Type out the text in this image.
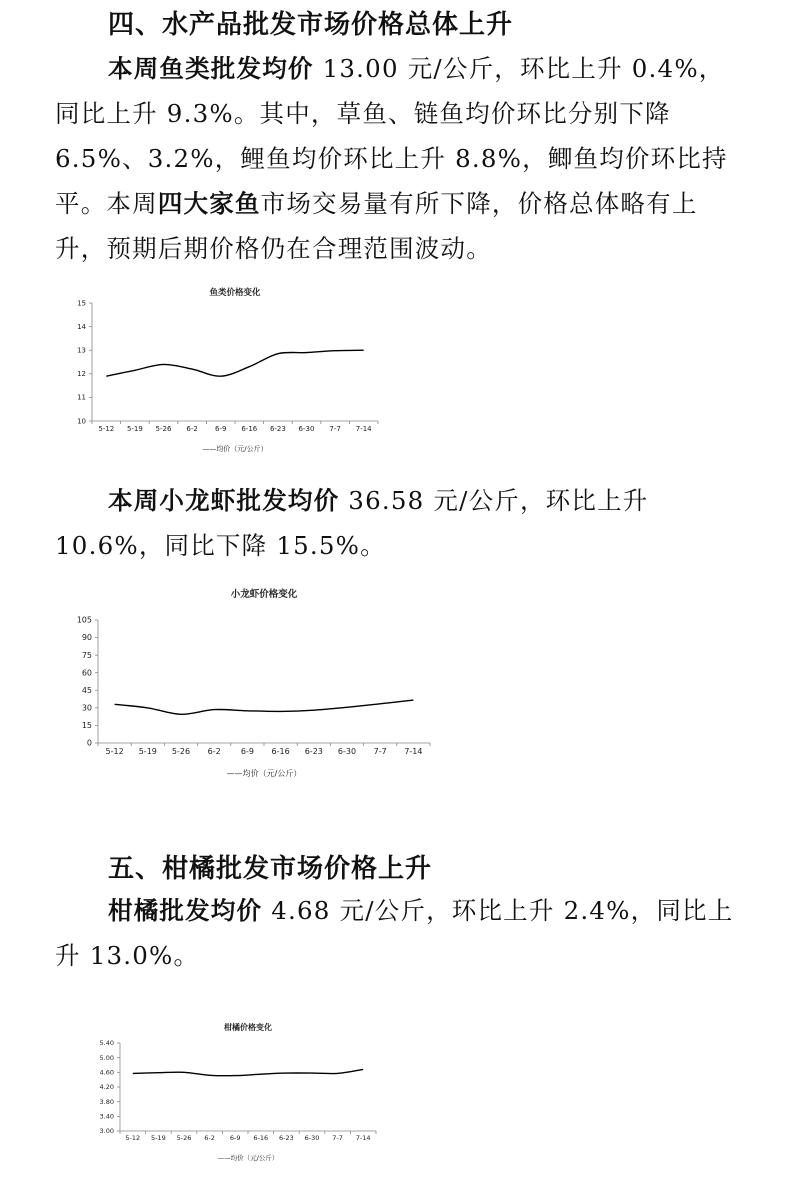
四、水产品批发市场价格总体上升

本周鱼类批发均价 13.00 元/公斤，环比上升 0.4%，同比上升 9.3%。其中，草鱼、链鱼均价环比分别下降 6.5%、3.2%，鲤鱼均价环比上升 8.8%，鲫鱼均价环比持平。本周四大家鱼市场交易量有所下降，价格总体略有上升，预期后期价格仍在合理范围波动。

鱼类价格变化
10
11
12
13
14
15
5-12 5-19 5-26 6-2 6-9 6-16 6-23 6-30 7-7 7-14
——均价（元/公斤）

本周小龙虾批发均价 36.58 元/公斤，环比上升 10.6%，同比下降 15.5%。

小龙虾价格变化
0
15
30
45
60
75
90
105
5-12 5-19 5-26 6-2	6-9 6-16 6-23 6-30 7-7 7-14
——均价（元/公斤）
五、柑橘批发市场价格上升

柑橘批发均价 4.68 元/公斤，环比上升 2.4%，同比上升 13.0%。

柑橘价格变化
3.00
3.40
3.80
4.20
4.60
5.00
5.40
5-12 5-19 5-26 6-2 6-9 6-16 6-23 6-30 7-7 7-14
——均价（元/公斤）
